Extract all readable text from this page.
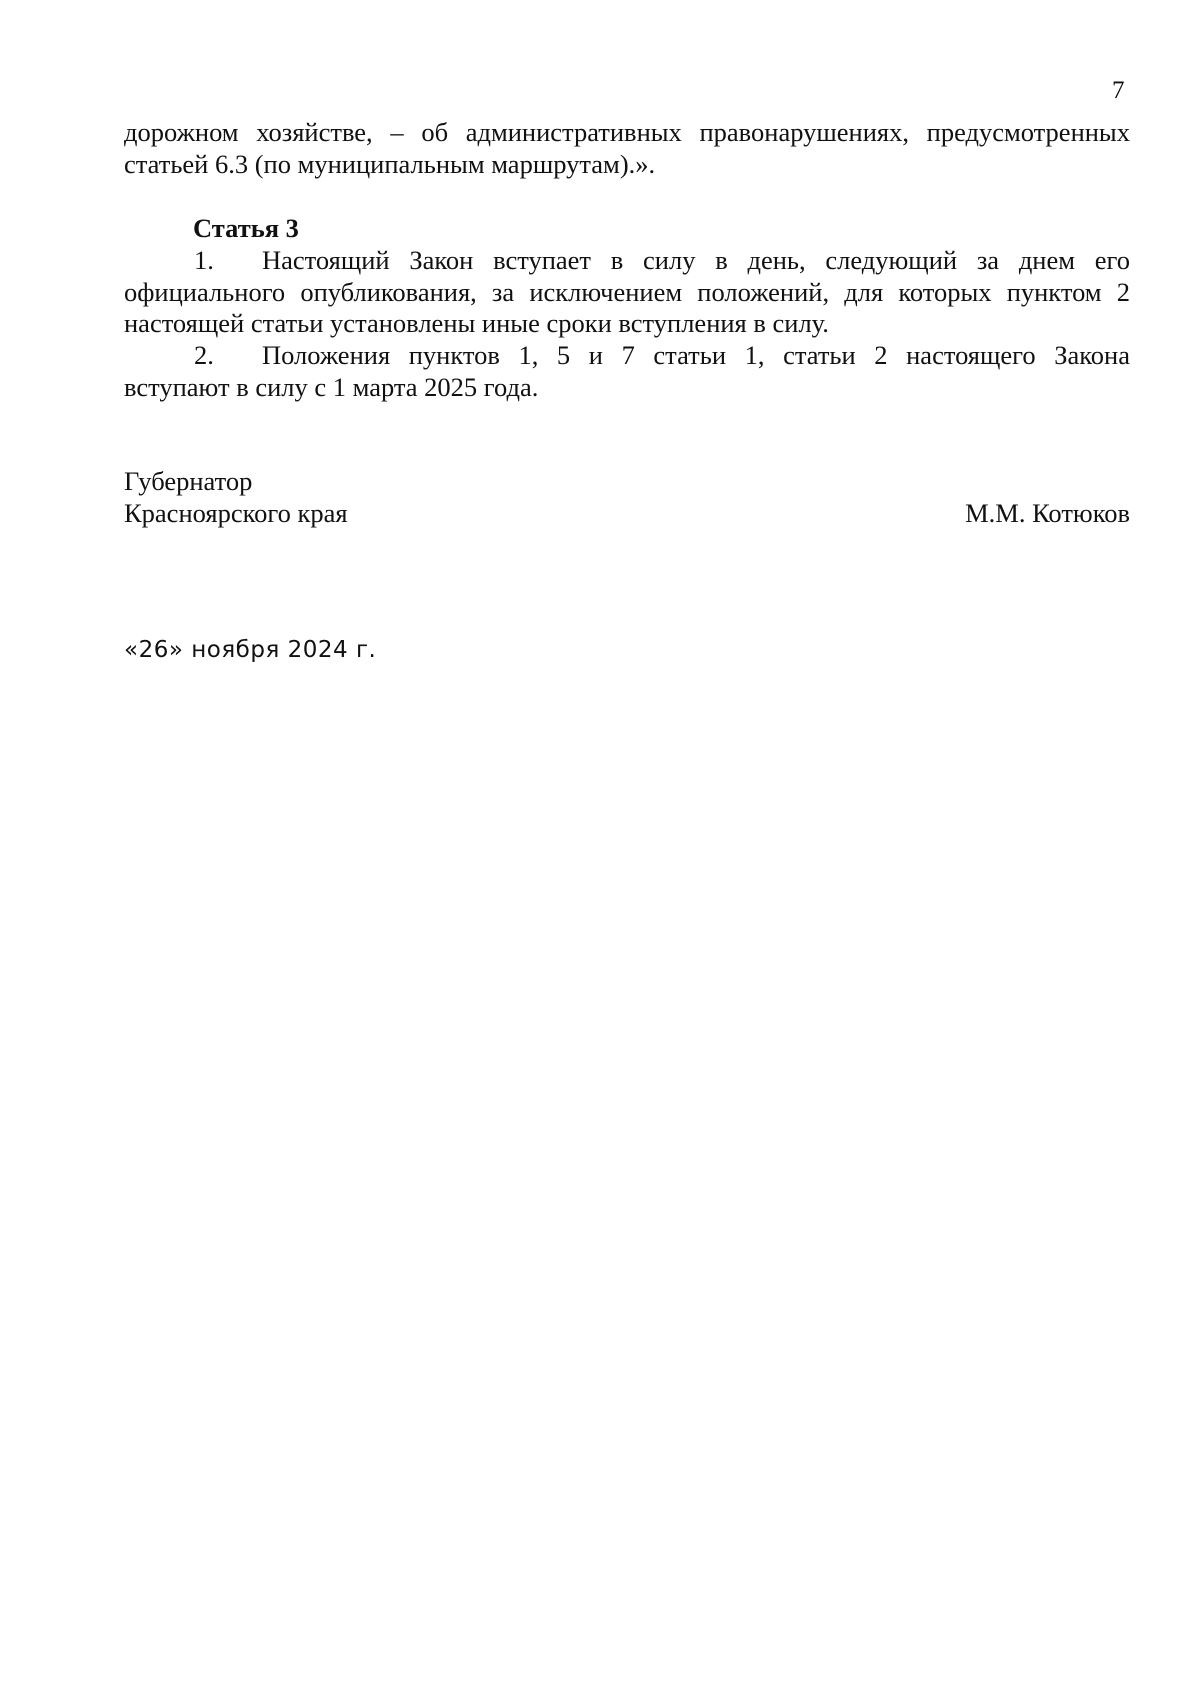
7
дорожном хозяйстве, – об административных правонарушениях, предусмотренных
статьей 6.3 (по муниципальным маршрутам).».
Статья 3
1.	Настоящий Закон вступает в силу в день, следующий за днем его
официального опубликования, за исключением положений, для которых пунктом 2
настоящей статьи установлены иные сроки вступления в силу.
2.	Положения пунктов 1, 5 и 7 статьи 1, статьи 2 настоящего Закона
вступают в силу с 1 марта 2025 года.
Губернатор
Красноярского края	М.М. Котюков
«26» ноября 2024 г.
